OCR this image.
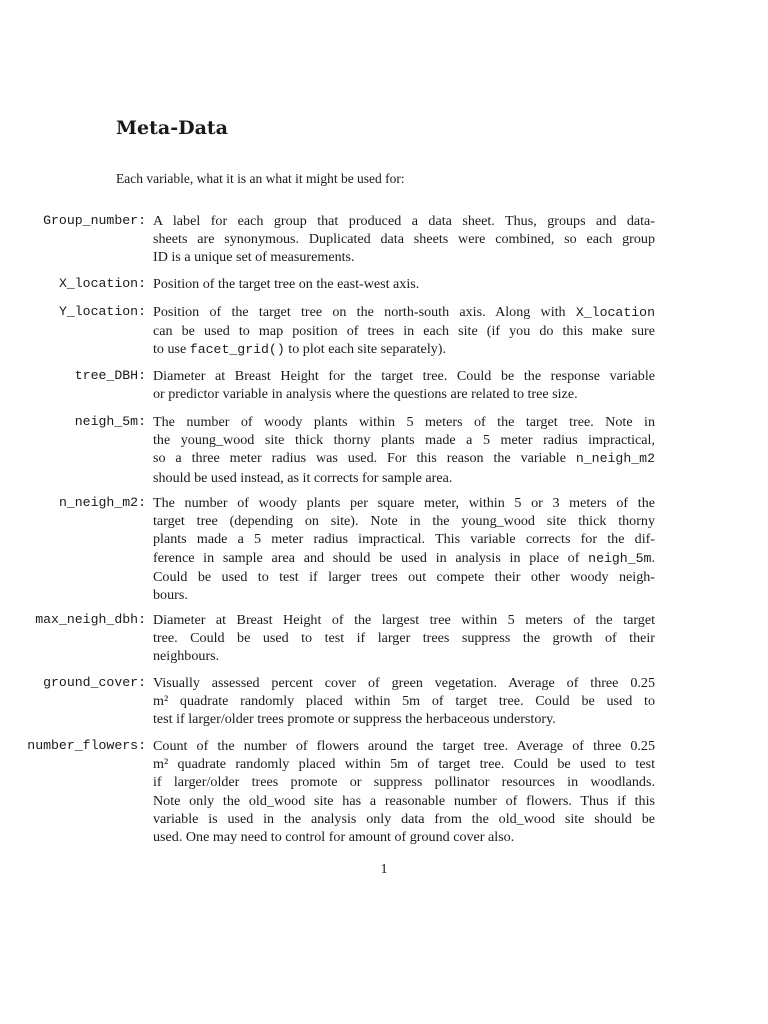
Meta-Data
Each variable, what it is an what it might be used for:
Group_number: A label for each group that produced a data sheet. Thus, groups and data-
sheets are synonymous. Duplicated data sheets were combined, so each group
ID is a unique set of measurements.
X_location: Position of the target tree on the east-west axis.
Y_location: Position of the target tree on the north-south axis. Along with X_location
can be used to map position of trees in each site (if you do this make sure
to use facet_grid() to plot each site separately).
tree_DBH: Diameter at Breast Height for the target tree. Could be the response variable
or predictor variable in analysis where the questions are related to tree size.
neigh_5m: The number of woody plants within 5 meters of the target tree. Note in
the young_wood site thick thorny plants made a 5 meter radius impractical,
so a three meter radius was used. For this reason the variable n_neigh_m2
should be used instead, as it corrects for sample area.
n_neigh_m2: The number of woody plants per square meter, within 5 or 3 meters of the
target tree (depending on site). Note in the young_wood site thick thorny
plants made a 5 meter radius impractical. This variable corrects for the dif-
ference in sample area and should be used in analysis in place of neigh_5m.
Could be used to test if larger trees out compete their other woody neigh-
bours.
max_neigh_dbh: Diameter at Breast Height of the largest tree within 5 meters of the target
tree. Could be used to test if larger trees suppress the growth of their
neighbours.
ground_cover: Visually assessed percent cover of green vegetation. Average of three 0.25
m² quadrate randomly placed within 5m of target tree. Could be used to
test if larger/older trees promote or suppress the herbaceous understory.
number_flowers: Count of the number of flowers around the target tree. Average of three 0.25
m² quadrate randomly placed within 5m of target tree. Could be used to test
if larger/older trees promote or suppress pollinator resources in woodlands.
Note only the old_wood site has a reasonable number of flowers. Thus if this
variable is used in the analysis only data from the old_wood site should be
used. One may need to control for amount of ground cover also.
1
